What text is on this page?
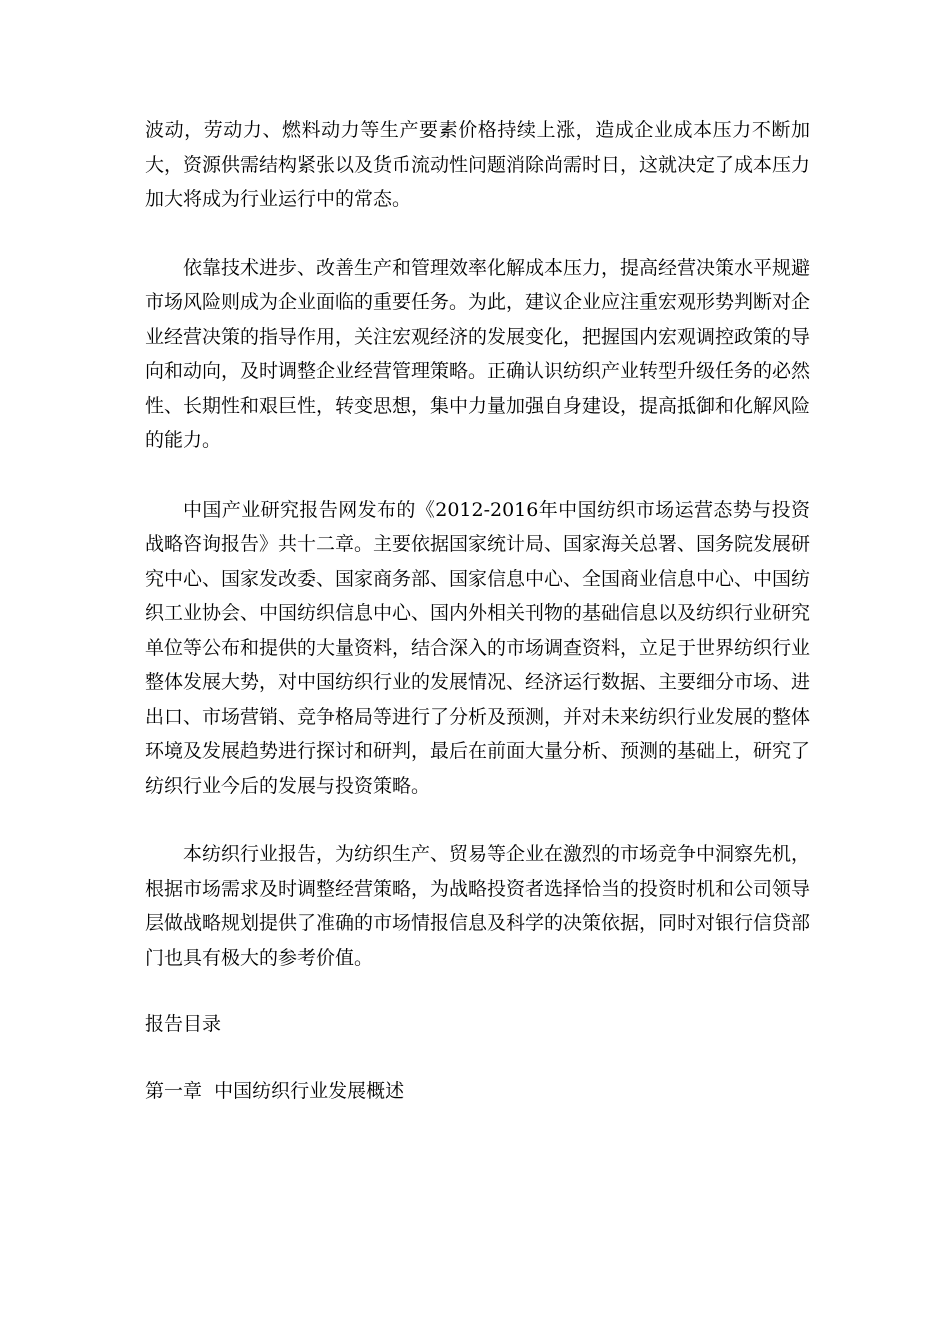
波动，劳动力、燃料动力等生产要素价格持续上涨，造成企业成本压力不断加大，资源供需结构紧张以及货币流动性问题消除尚需时日，这就决定了成本压力加大将成为行业运行中的常态。

依靠技术进步、改善生产和管理效率化解成本压力，提高经营决策水平规避市场风险则成为企业面临的重要任务。为此，建议企业应注重宏观形势判断对企业经营决策的指导作用，关注宏观经济的发展变化，把握国内宏观调控政策的导向和动向，及时调整企业经营管理策略。正确认识纺织产业转型升级任务的必然性、长期性和艰巨性，转变思想，集中力量加强自身建设，提高抵御和化解风险的能力。

中国产业研究报告网发布的《2012-2016年中国纺织市场运营态势与投资战略咨询报告》共十二章。主要依据国家统计局、国家海关总署、国务院发展研究中心、国家发改委、国家商务部、国家信息中心、全国商业信息中心、中国纺织工业协会、中国纺织信息中心、国内外相关刊物的基础信息以及纺织行业研究单位等公布和提供的大量资料，结合深入的市场调查资料，立足于世界纺织行业整体发展大势，对中国纺织行业的发展情况、经济运行数据、主要细分市场、进出口、市场营销、竞争格局等进行了分析及预测，并对未来纺织行业发展的整体环境及发展趋势进行探讨和研判，最后在前面大量分析、预测的基础上，研究了纺织行业今后的发展与投资策略。

本纺织行业报告，为纺织生产、贸易等企业在激烈的市场竞争中洞察先机，根据市场需求及时调整经营策略，为战略投资者选择恰当的投资时机和公司领导层做战略规划提供了准确的市场情报信息及科学的决策依据，同时对银行信贷部门也具有极大的参考价值。

报告目录

第一章  中国纺织行业发展概述
